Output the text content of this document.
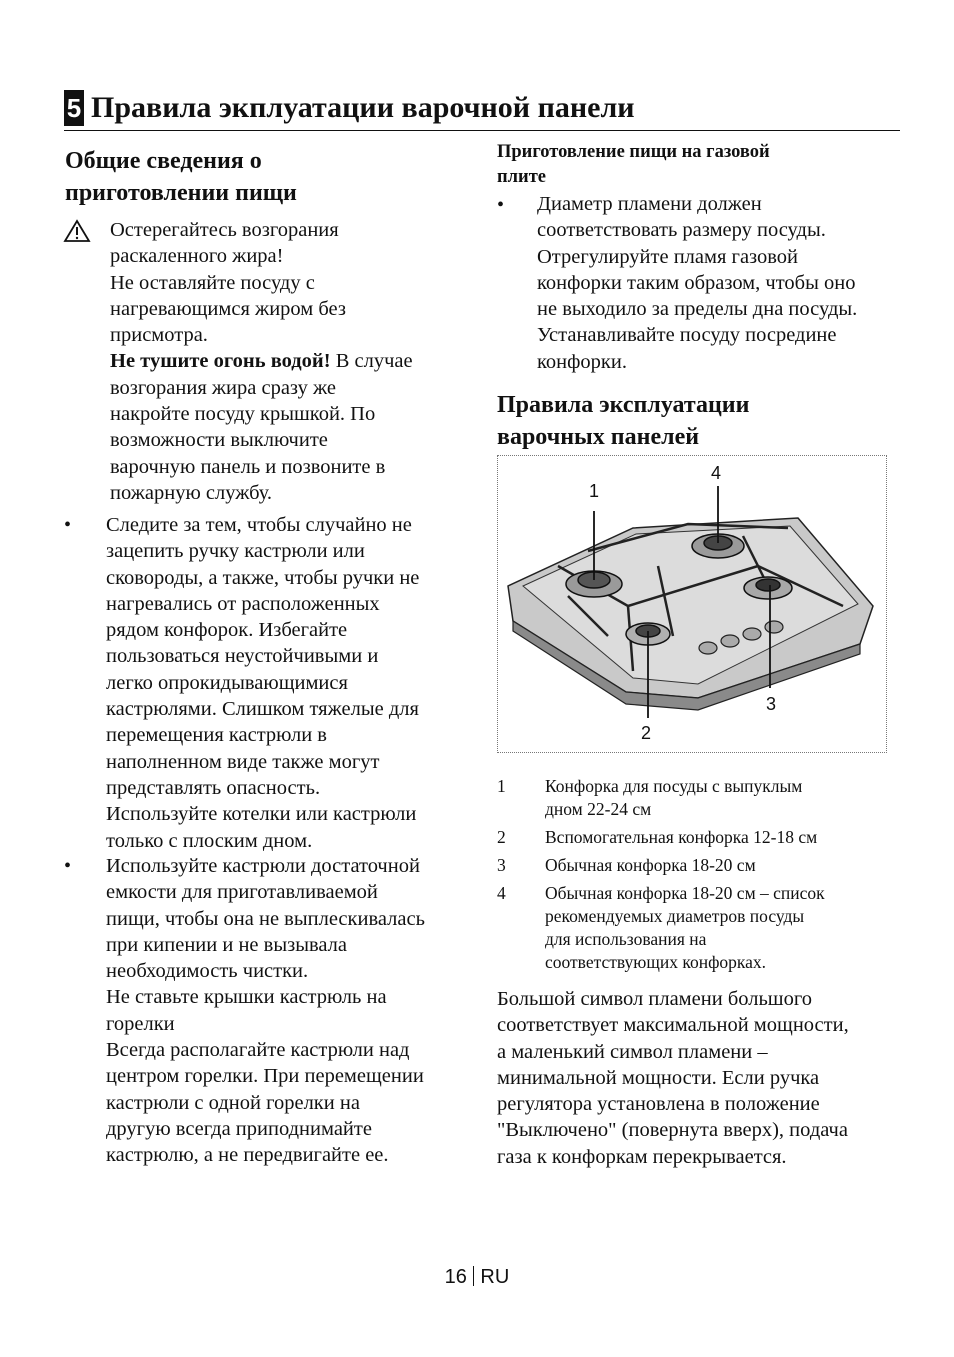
5 Правила экплуатации варочной панели
Общие сведения о
приготовлении пищи
Остерегайтесь возгорания
раскаленного жира!
Не оставляйте посуду с
нагревающимся жиром без
присмотра.
Не тушите огонь водой! В случае
возгорания жира сразу же
накройте посуду крышкой. По
возможности выключите
варочную панель и позвоните в
пожарную службу.
• Следите за тем, чтобы случайно не
зацепить ручку кастрюли или
сковороды, а также, чтобы ручки не
нагревались от расположенных
рядом конфорок. Избегайте
пользоваться неустойчивыми и
легко опрокидывающимися
кастрюлями. Слишком тяжелые для
перемещения кастрюли в
наполненном виде также могут
представлять опасность.
Используйте котелки или кастрюли
только с плоским дном.
• Используйте кастрюли достаточной
емкости для приготавливаемой
пищи, чтобы она не выплескивалась
при кипении и не вызывала
необходимость чистки.
Не ставьте крышки кастрюль на
горелки
Всегда располагайте кастрюли над
центром горелки. При перемещении
кастрюли с одной горелки на
другую всегда приподнимайте
кастрюлю, а не передвигайте ее.
Приготовление пищи на газовой
плите
• Диаметр пламени должен
соответствовать размеру посуды.
Отрегулируйте пламя газовой
конфорки таким образом, чтобы оно
не выходило за пределы дна посуды.
Устанавливайте посуду посредине
конфорки.
Правила эксплуатации
варочных панелей
1
2
3
4
1	Конфорка для посуды с выпуклым
дном 22-24 см
2	Вспомогательная конфорка 12-18 см
3	Обычная конфорка 18-20 см
4	Обычная конфорка 18-20 см – список
рекомендуемых диаметров посуды
для использования на
соответствующих конфорках.
Большой символ пламени большого
соответствует максимальной мощности,
а маленький символ пламени –
минимальной мощности. Если ручка
регулятора установлена в положение
"Выключено" (повернута вверх), подача
газа к конфоркам перекрывается.
16 RU
